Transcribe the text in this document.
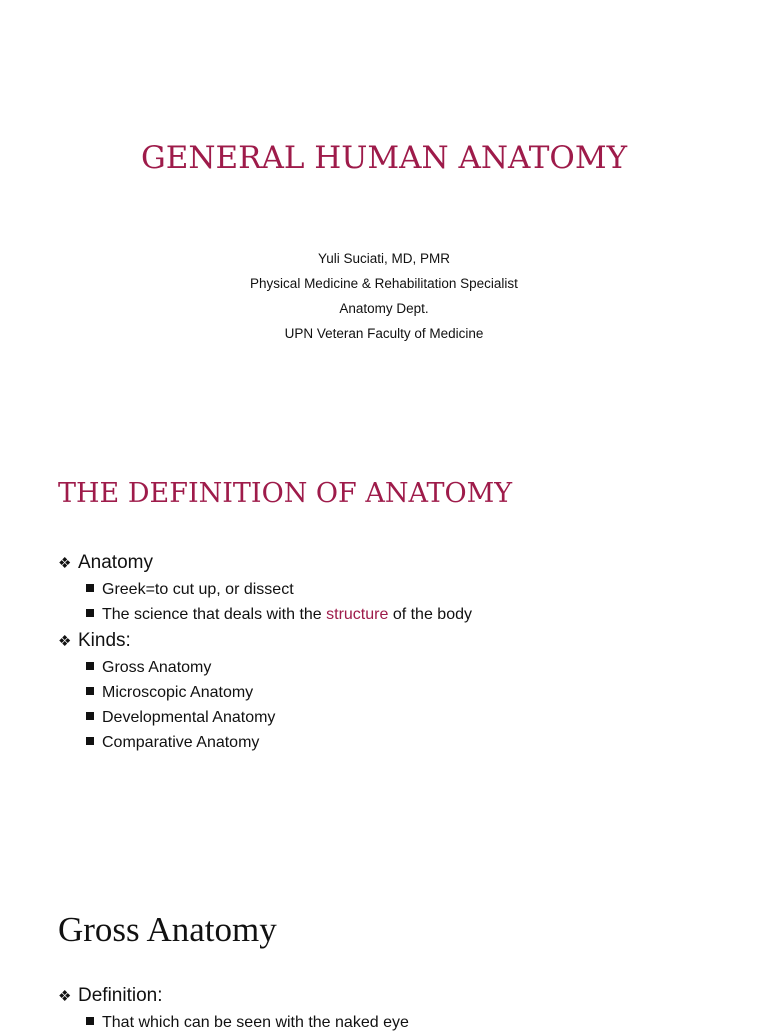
GENERAL HUMAN ANATOMY
Yuli Suciati, MD, PMR
Physical Medicine & Rehabilitation Specialist
Anatomy Dept.
UPN Veteran Faculty of Medicine
THE DEFINITION OF ANATOMY
❖ Anatomy
Greek=to cut up, or dissect
The science that deals with the structure of the body
❖ Kinds:
Gross Anatomy
Microscopic Anatomy
Developmental Anatomy
Comparative Anatomy
Gross Anatomy
❖ Definition:
That which can be seen with the naked eye
